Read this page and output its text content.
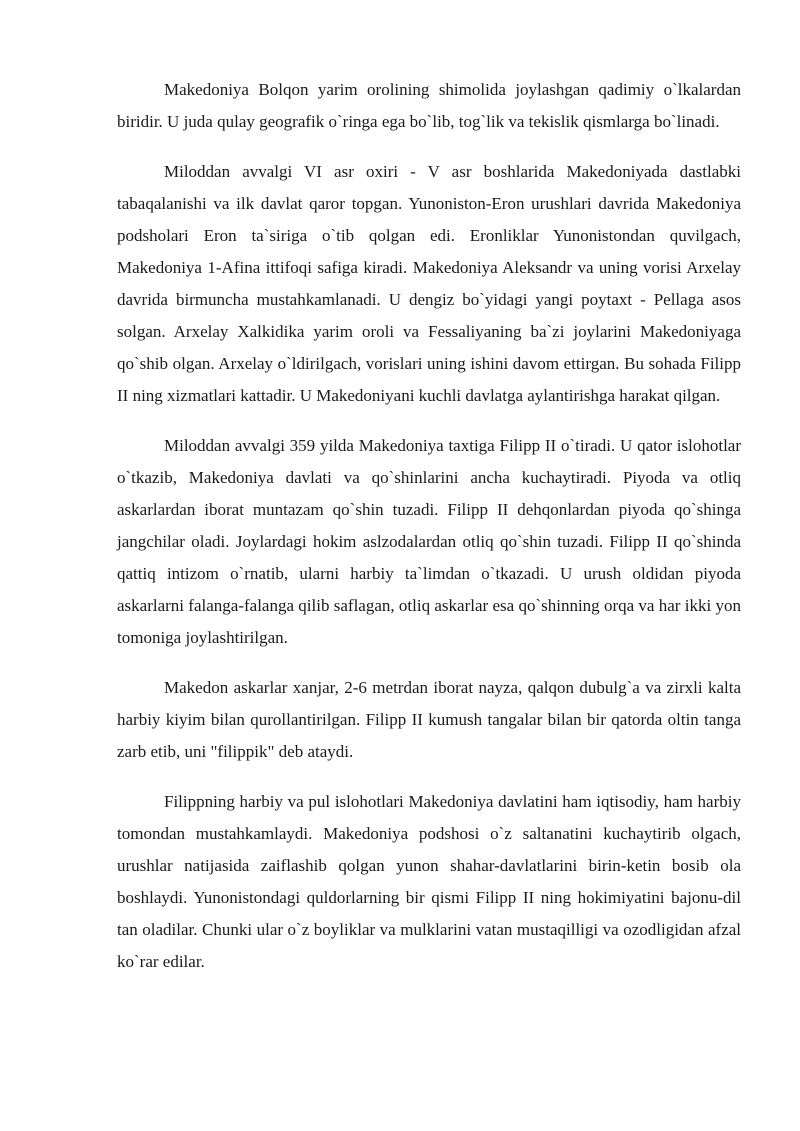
Makedoniya Bolqon yarim orolining shimolida joylashgan qadimiy o`lkalardan biridir. U juda qulay geografik o`ringa ega bo`lib, tog`lik va tekislik qismlarga bo`linadi.

Miloddan avvalgi VI asr oxiri - V asr boshlarida Makedoniyada dastlabki tabaqalanishi va ilk davlat qaror topgan. Yunoniston-Eron urushlari davrida Makedoniya podsholari Eron ta`siriga o`tib qolgan edi. Eronliklar Yunonistondan quvilgach, Makedoniya 1-Afina ittifoqi safiga kiradi. Makedoniya Aleksandr va uning vorisi Arxelay davrida birmuncha mustahkamlanadi. U dengiz bo`yidagi yangi poytaxt - Pellaga asos solgan. Arxelay Xalkidika yarim oroli va Fessaliyaning ba`zi joylarini Makedoniyaga qo`shib olgan. Arxelay o`ldirilgach, vorislari uning ishini davom ettirgan. Bu sohada Filipp II ning xizmatlari kattadir. U Makedoniyani kuchli davlatga aylantirishga harakat qilgan.

Miloddan avvalgi 359 yilda Makedoniya taxtiga Filipp II o`tiradi. U qator islohotlar o`tkazib, Makedoniya davlati va qo`shinlarini ancha kuchaytiradi. Piyoda va otliq askarlardan iborat muntazam qo`shin tuzadi. Filipp II dehqonlardan piyoda qo`shinga jangchilar oladi. Joylardagi hokim aslzodalardan otliq qo`shin tuzadi. Filipp II qo`shinda qattiq intizom o`rnatib, ularni harbiy ta`limdan o`tkazadi. U urush oldidan piyoda askarlarni falanga-falanga qilib saflagan, otliq askarlar esa qo`shinning orqa va har ikki yon tomoniga joylashtirilgan.

Makedon askarlar xanjar, 2-6 metrdan iborat nayza, qalqon dubulg`a va zirxli kalta harbiy kiyim bilan qurollantirilgan. Filipp II kumush tangalar bilan bir qatorda oltin tanga zarb etib, uni "filippik" deb ataydi.

Filippning harbiy va pul islohotlari Makedoniya davlatini ham iqtisodiy, ham harbiy tomondan mustahkamlaydi. Makedoniya podshosi o`z saltanatini kuchaytirib olgach, urushlar natijasida zaiflashib qolgan yunon shahar-davlatlarini birin-ketin bosib ola boshlaydi. Yunonistondagi quldorlarning bir qismi Filipp II ning hokimiyatini bajonu-dil tan oladilar. Chunki ular o`z boyliklar va mulklarini vatan mustaqilligi va ozodligidan afzal ko`rar edilar.
